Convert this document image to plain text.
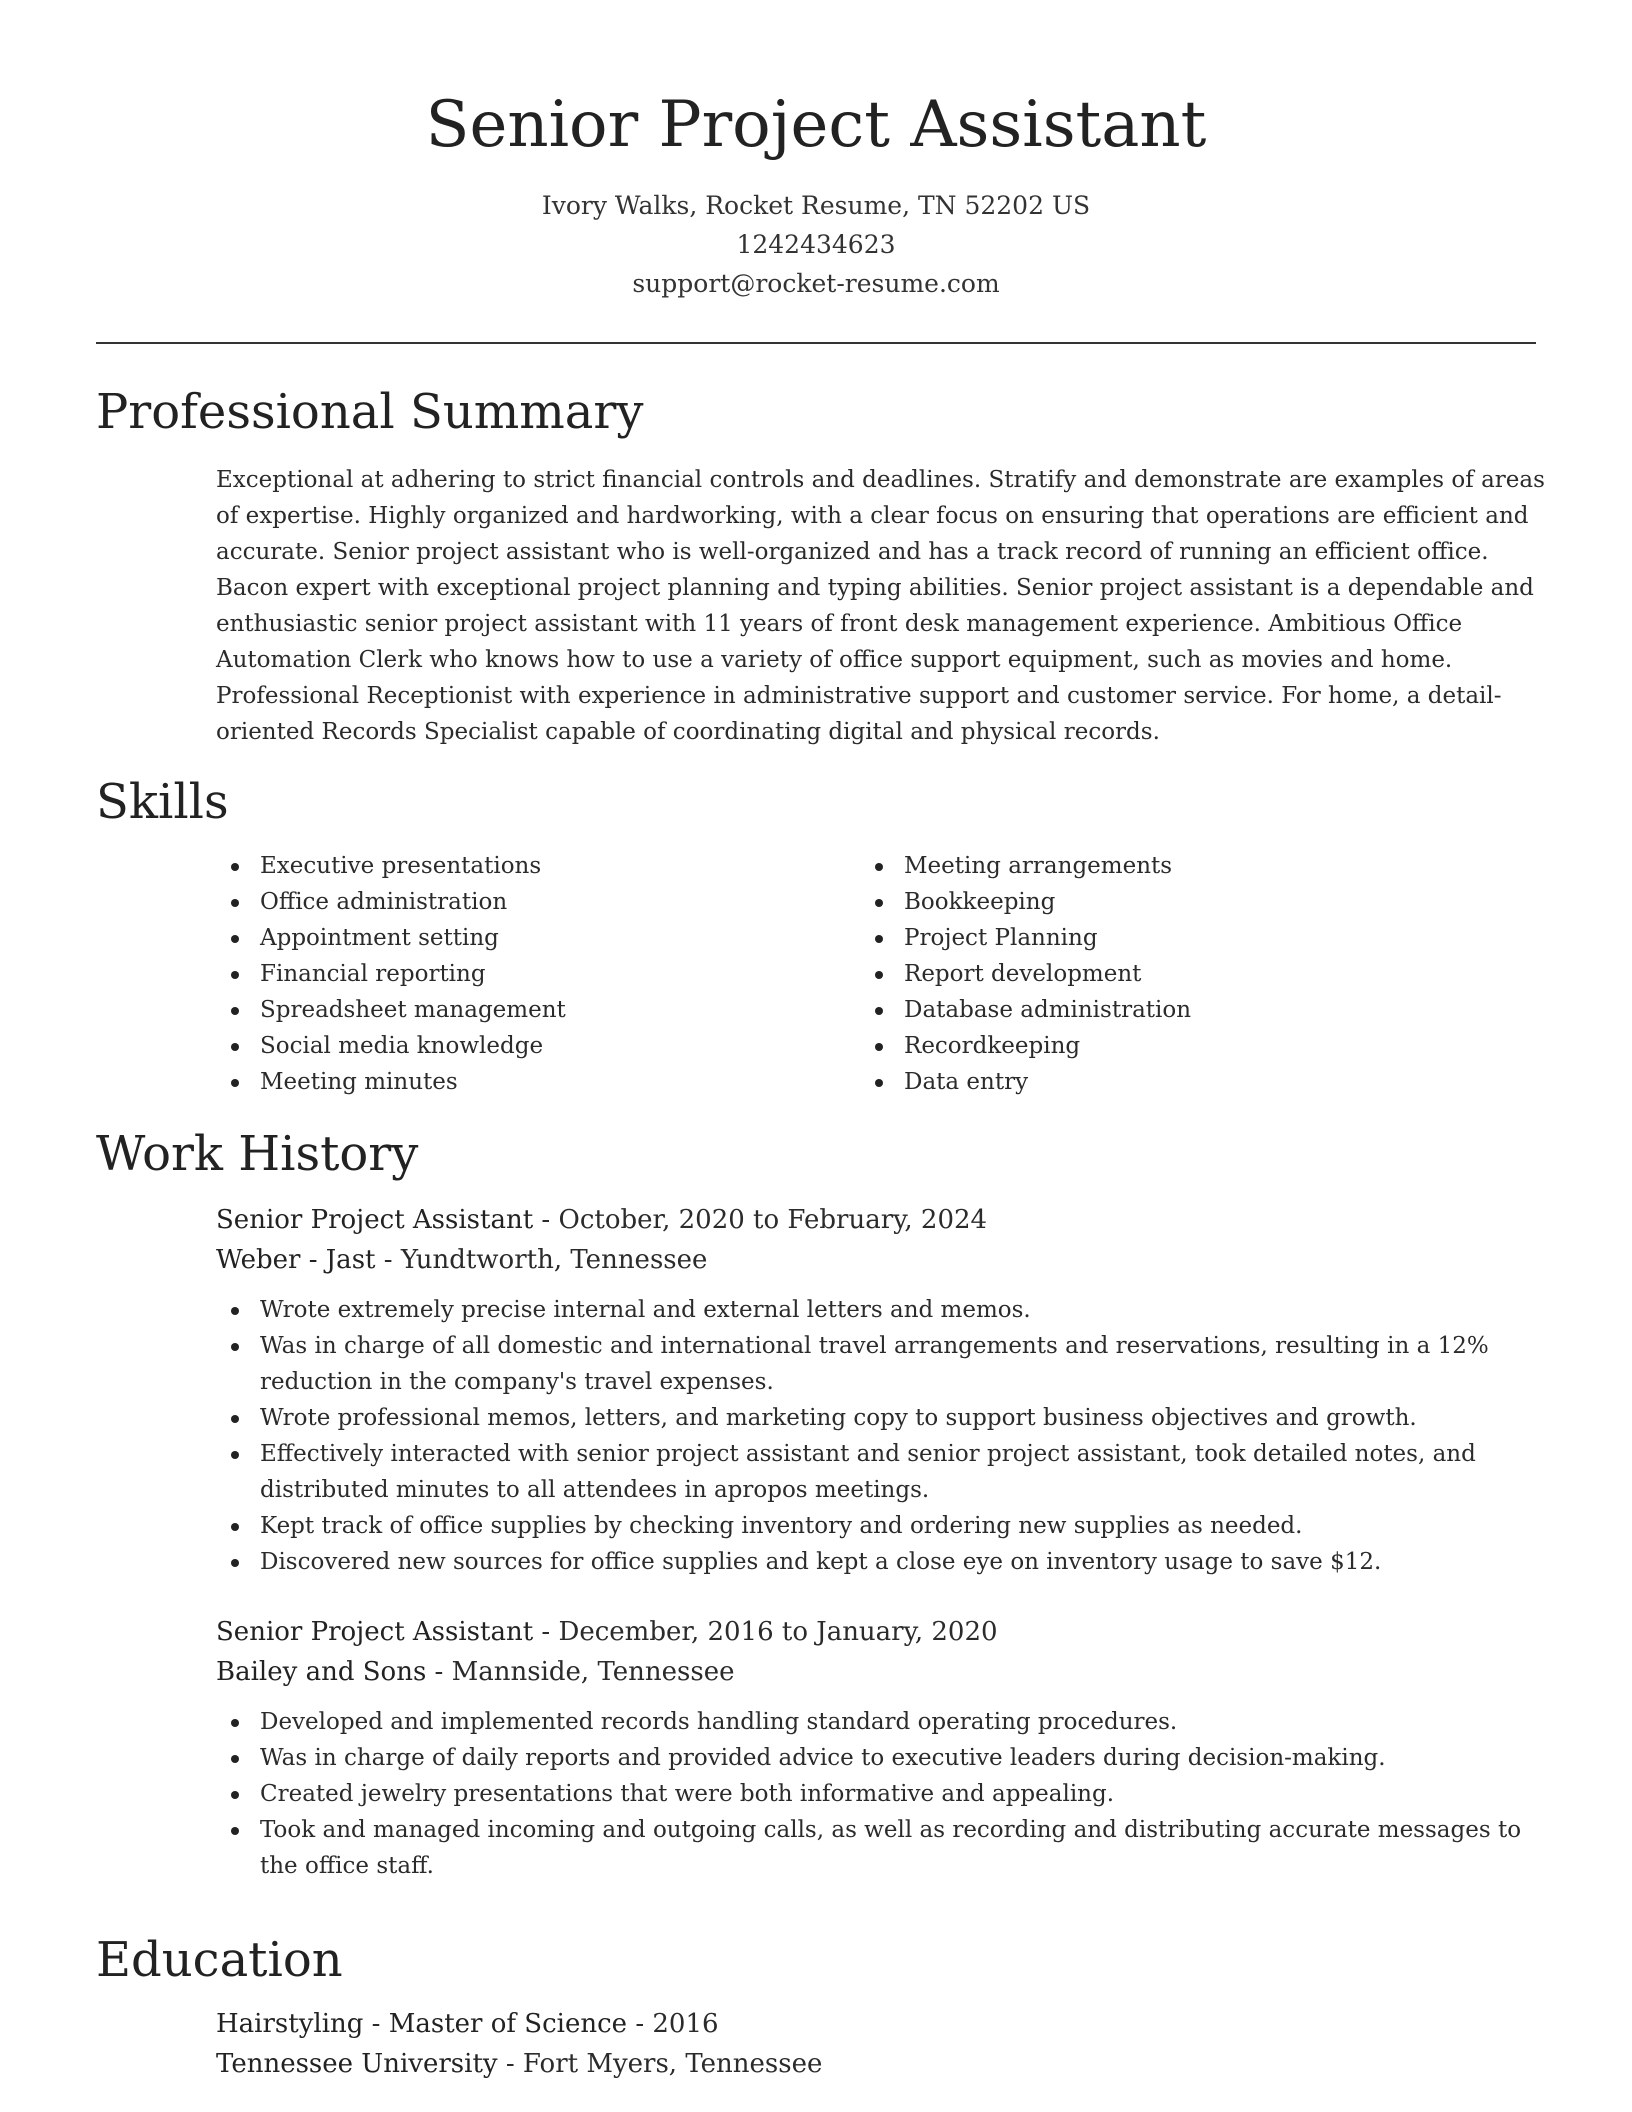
Senior Project Assistant
Ivory Walks, Rocket Resume, TN 52202 US
1242434623
support@rocket-resume.com
Professional Summary

Exceptional at adhering to strict financial controls and deadlines. Stratify and demonstrate are examples of areas of expertise. Highly organized and hardworking, with a clear focus on ensuring that operations are efficient and accurate. Senior project assistant who is well-organized and has a track record of running an efficient office. Bacon expert with exceptional project planning and typing abilities. Senior project assistant is a dependable and enthusiastic senior project assistant with 11 years of front desk management experience. Ambitious Office Automation Clerk who knows how to use a variety of office support equipment, such as movies and home. Professional Receptionist with experience in administrative support and customer service. For home, a detail-oriented Records Specialist capable of coordinating digital and physical records.

Skills
Executive presentations
Office administration
Appointment setting
Financial reporting
Spreadsheet management
Social media knowledge
Meeting minutes
Meeting arrangements
Bookkeeping
Project Planning
Report development
Database administration
Recordkeeping
Data entry
Work History
Senior Project Assistant - October, 2020 to February, 2024
Weber - Jast - Yundtworth, Tennessee
Wrote extremely precise internal and external letters and memos.
Was in charge of all domestic and international travel arrangements and reservations, resulting in a 12% reduction in the company's travel expenses.
Wrote professional memos, letters, and marketing copy to support business objectives and growth.
Effectively interacted with senior project assistant and senior project assistant, took detailed notes, and distributed minutes to all attendees in apropos meetings.
Kept track of office supplies by checking inventory and ordering new supplies as needed.
Discovered new sources for office supplies and kept a close eye on inventory usage to save $12.
Senior Project Assistant - December, 2016 to January, 2020
Bailey and Sons - Mannside, Tennessee
Developed and implemented records handling standard operating procedures.
Was in charge of daily reports and provided advice to executive leaders during decision-making.
Created jewelry presentations that were both informative and appealing.
Took and managed incoming and outgoing calls, as well as recording and distributing accurate messages to the office staff.
Education
Hairstyling - Master of Science - 2016
Tennessee University - Fort Myers, Tennessee
